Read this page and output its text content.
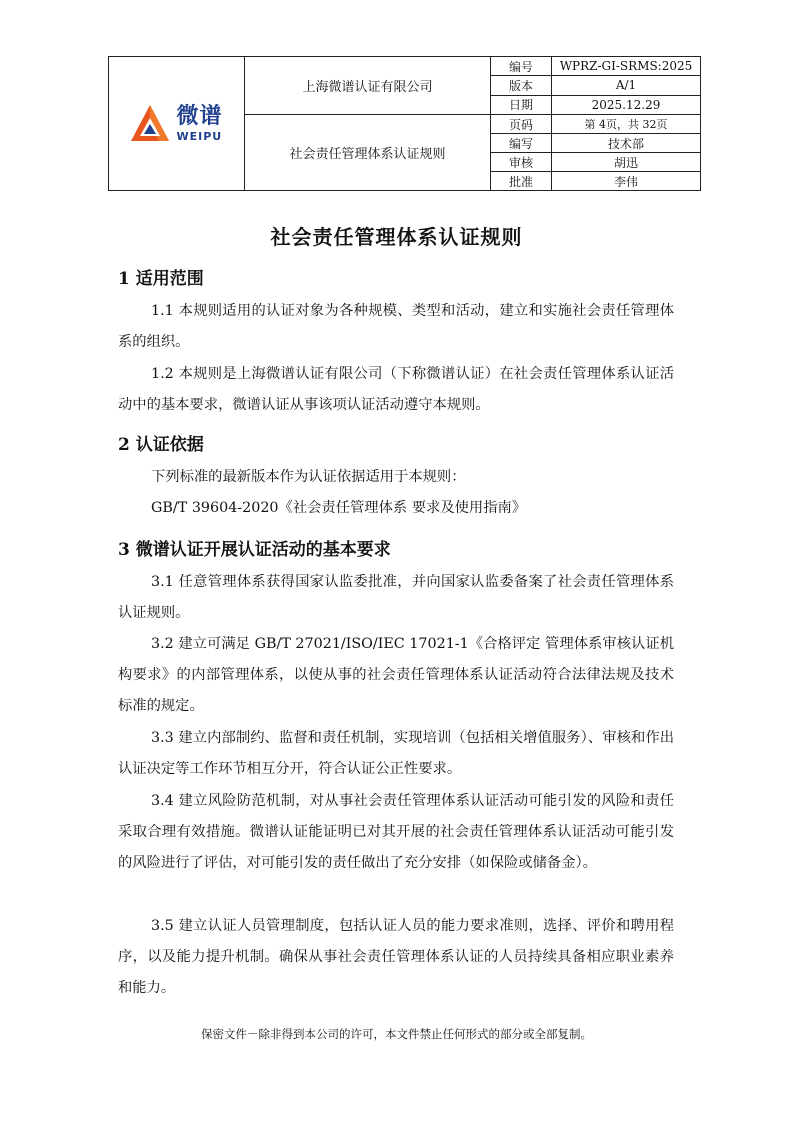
微谱
WEIPU	上海微谱认证有限公司	编号	WPRZ-GI-SRMS:2025
		版本	A/1
		日期	2025.12.29
	社会责任管理体系认证规则	页码	第 4页，共 32页
		编写	技术部
		审核	胡迅
		批准	李伟
社会责任管理体系认证规则
1 适用范围
1.1 本规则适用的认证对象为各种规模、类型和活动，建立和实施社会责任管理体系的组织。
1.2 本规则是上海微谱认证有限公司（下称微谱认证）在社会责任管理体系认证活动中的基本要求，微谱认证从事该项认证活动遵守本规则。
2 认证依据
下列标准的最新版本作为认证依据适用于本规则：
GB/T 39604-2020《社会责任管理体系 要求及使用指南》
3 微谱认证开展认证活动的基本要求
3.1 任意管理体系获得国家认监委批准，并向国家认监委备案了社会责任管理体系认证规则。
3.2 建立可满足 GB/T 27021/ISO/IEC 17021-1《合格评定 管理体系审核认证机构要求》的内部管理体系，以使从事的社会责任管理体系认证活动符合法律法规及技术标准的规定。
3.3 建立内部制约、监督和责任机制，实现培训（包括相关增值服务）、审核和作出认证决定等工作环节相互分开，符合认证公正性要求。
3.4 建立风险防范机制，对从事社会责任管理体系认证活动可能引发的风险和责任采取合理有效措施。微谱认证能证明已对其开展的社会责任管理体系认证活动可能引发的风险进行了评估，对可能引发的责任做出了充分安排（如保险或储备金）。
3.5 建立认证人员管理制度，包括认证人员的能力要求准则，选择、评价和聘用程序，以及能力提升机制。确保从事社会责任管理体系认证的人员持续具备相应职业素养和能力。
保密文件－除非得到本公司的许可，本文件禁止任何形式的部分或全部复制。
